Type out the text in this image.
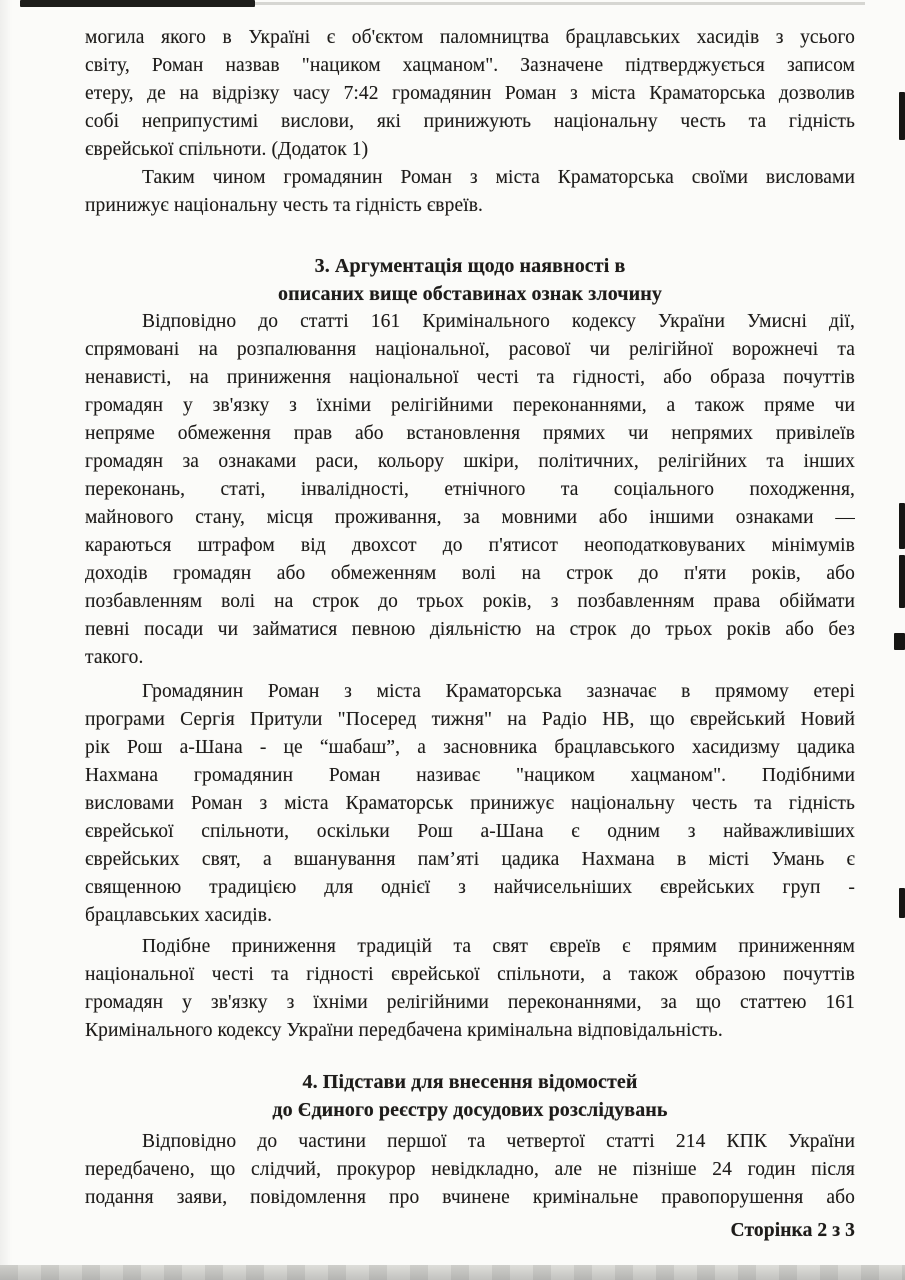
могила якого в Україні є об'єктом паломництва брацлавських хасидів з усього
світу, Роман назвав "нациком хацманом". Зазначене підтверджується записом
етеру, де на відрізку часу 7:42 громадянин Роман з міста Краматорська дозволив
собі неприпустимі вислови, які принижують національну честь та гідність
єврейської спільноти. (Додаток 1)
Таким чином громадянин Роман з міста Краматорська своїми висловами
принижує національну честь та гідність євреїв.
3. Аргументація щодо наявності в
описаних вище обставинах ознак злочину
Відповідно до статті 161 Кримінального кодексу України Умисні дії,
спрямовані на розпалювання національної, расової чи релігійної ворожнечі та
ненависті, на приниження національної честі та гідності, або образа почуттів
громадян у зв'язку з їхніми релігійними переконаннями, а також пряме чи
непряме обмеження прав або встановлення прямих чи непрямих привілеїв
громадян за ознаками раси, кольору шкіри, політичних, релігійних та інших
переконань, статі, інвалідності, етнічного та соціального походження,
майнового стану, місця проживання, за мовними або іншими ознаками —
караються штрафом від двохсот до п'ятисот неоподатковуваних мінімумів
доходів громадян або обмеженням волі на строк до п'яти років, або
позбавленням волі на строк до трьох років, з позбавленням права обіймати
певні посади чи займатися певною діяльністю на строк до трьох років або без
такого.
Громадянин Роман з міста Краматорська зазначає в прямому етері
програми Сергія Притули "Посеред тижня" на Радіо НВ, що єврейський Новий
рік Рош а-Шана - це “шабаш”, а засновника брацлавського хасидизму цадика
Нахмана громадянин Роман називає "нациком хацманом". Подібними
висловами Роман з міста Краматорськ принижує національну честь та гідність
єврейської спільноти, оскільки Рош а-Шана є одним з найважливіших
єврейських свят, а вшанування пам’яті цадика Нахмана в місті Умань є
священною традицією для однієї з найчисельніших єврейських груп -
брацлавських хасидів.
Подібне приниження традицій та свят євреїв є прямим приниженням
національної честі та гідності єврейської спільноти, а також образою почуттів
громадян у зв'язку з їхніми релігійними переконаннями, за що статтею 161
Кримінального кодексу України передбачена кримінальна відповідальність.
4. Підстави для внесення відомостей
до Єдиного реєстру досудових розслідувань
Відповідно до частини першої та четвертої статті 214 КПК України
передбачено, що слідчий, прокурор невідкладно, але не пізніше 24 годин після
подання заяви, повідомлення про вчинене кримінальне правопорушення або
Сторінка 2 з 3
